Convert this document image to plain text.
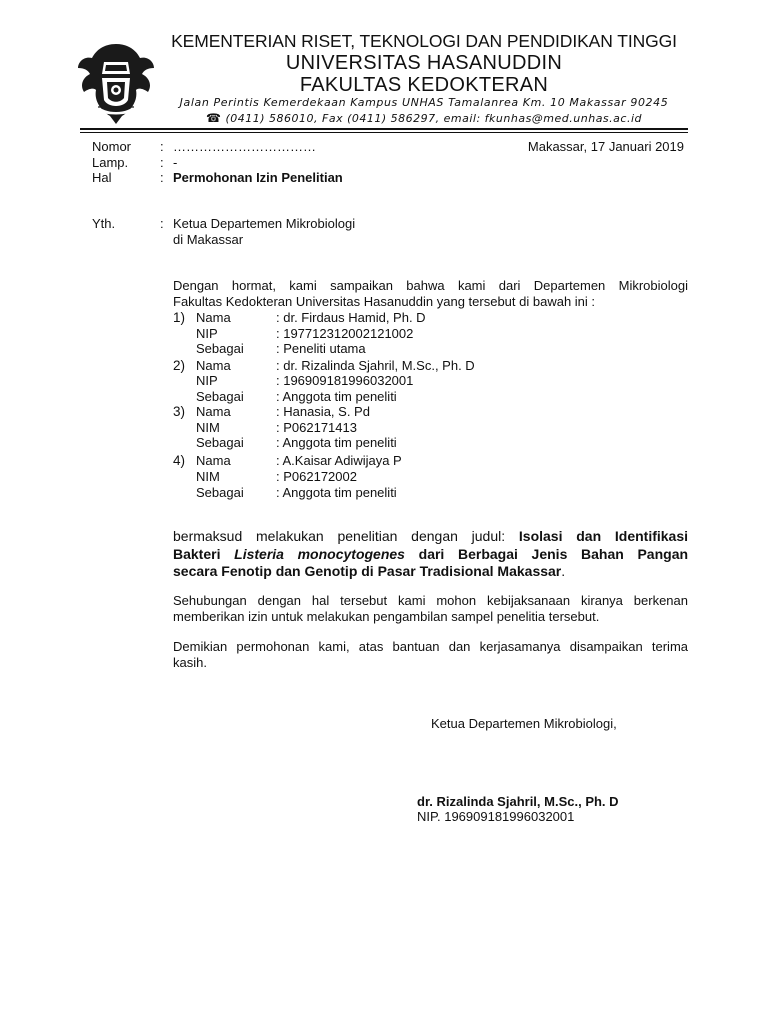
KEMENTERIAN RISET, TEKNOLOGI DAN PENDIDIKAN TINGGI
UNIVERSITAS HASANUDDIN
FAKULTAS KEDOKTERAN
Jalan Perintis Kemerdekaan Kampus UNHAS Tamalanrea Km. 10 Makassar 90245
☎ (0411) 586010, Fax (0411) 586297, email: fkunhas@med.unhas.ac.id
Nomor : ……………………………	Makassar, 17 Januari 2019
Lamp. : -
Hal	: Permohonan Izin Penelitian
Yth.	: Ketua Departemen Mikrobiologi
di Makassar
Dengan hormat, kami sampaikan bahwa kami dari Departemen Mikrobiologi
Fakultas Kedokteran Universitas Hasanuddin yang tersebut di bawah ini :
1) Nama	: dr. Firdaus Hamid, Ph. D
NIP	: 197712312002121002
Sebagai : Peneliti utama
2) Nama	: dr. Rizalinda Sjahril, M.Sc., Ph. D
NIP	: 196909181996032001
Sebagai : Anggota tim peneliti
3) Nama	: Hanasia, S. Pd
NIM	: P062171413
Sebagai : Anggota tim peneliti
4) Nama	: A.Kaisar Adiwijaya P
NIM	: P062172002
Sebagai : Anggota tim peneliti
bermaksud melakukan penelitian dengan judul: Isolasi dan Identifikasi
Bakteri Listeria monocytogenes dari Berbagai Jenis Bahan Pangan
secara Fenotip dan Genotip di Pasar Tradisional Makassar.
Sehubungan dengan hal tersebut kami mohon kebijaksanaan kiranya berkenan
memberikan izin untuk melakukan pengambilan sampel penelitia tersebut.
Demikian permohonan kami, atas bantuan dan kerjasamanya disampaikan terima
kasih.
Ketua Departemen Mikrobiologi,
dr. Rizalinda Sjahril, M.Sc., Ph. D
NIP. 196909181996032001
